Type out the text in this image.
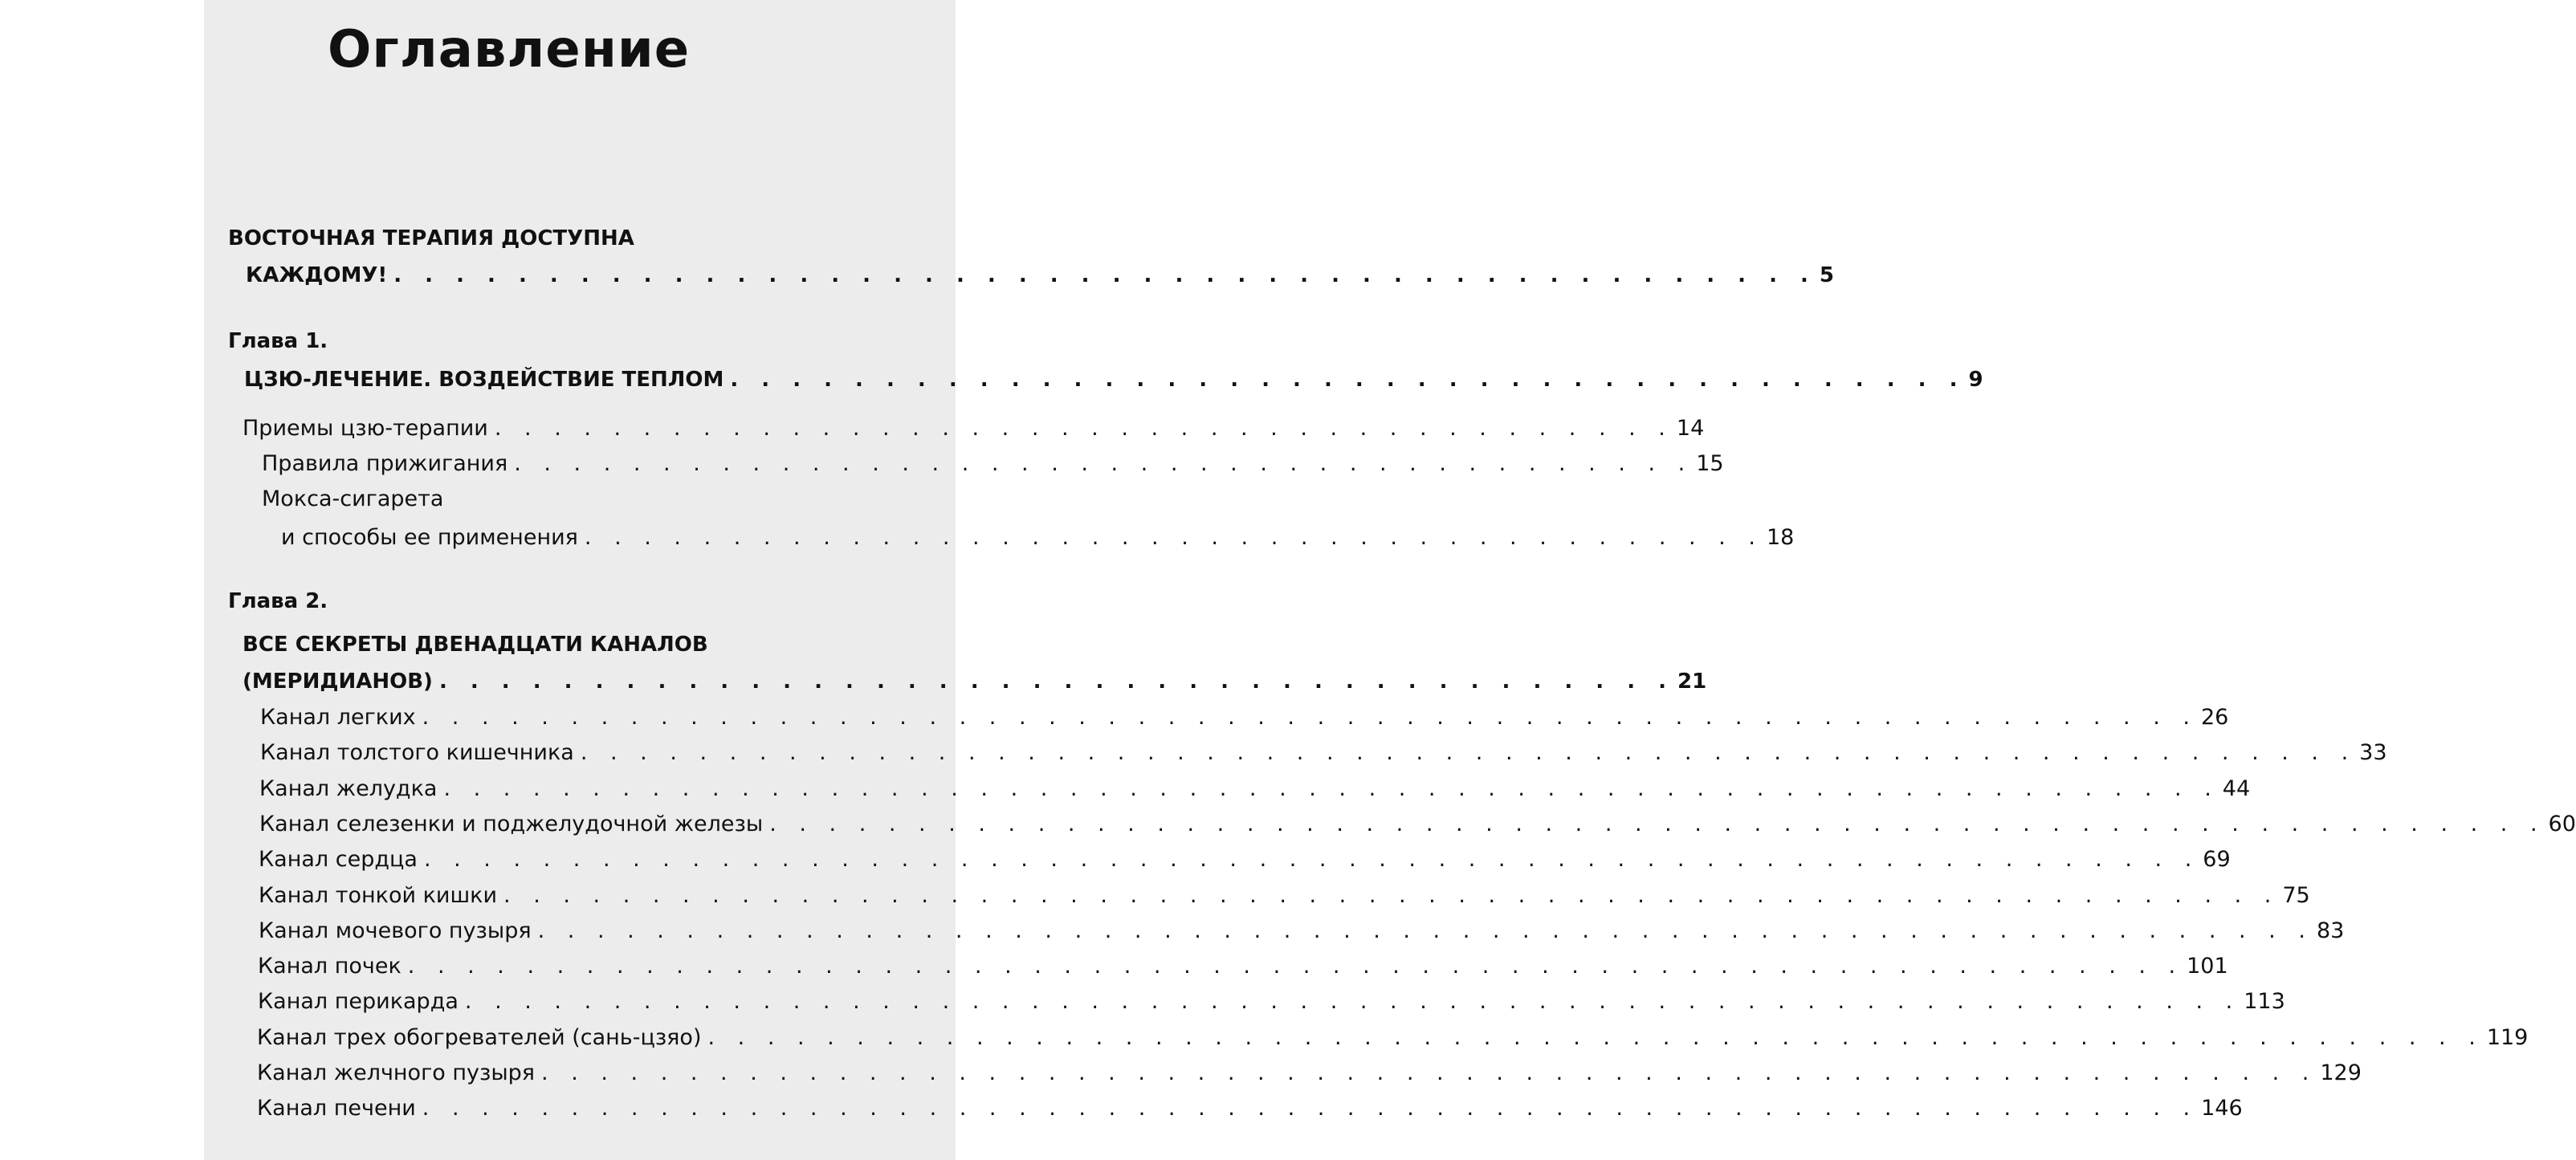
Оглавление
ВОСТОЧНАЯ ТЕРАПИЯ ДОСТУПНА
КАЖДОМУ! . . . . . . . . . . . . . . . . . . . . . . . . . . . . . . . . . . . . . . . . . . . . . . 5
Глава 1.
ЦЗЮ-ЛЕЧЕНИЕ. ВОЗДЕЙСТВИЕ ТЕПЛОМ . . . . . . . . . . . . . . . . . . . . . . . . . . . . . . . . . . . . . . . . 9
Приемы цзю-терапии . . . . . . . . . . . . . . . . . . . . . . . . . . . . . . . . . . . . . . . . 14
Правила прижигания . . . . . . . . . . . . . . . . . . . . . . . . . . . . . . . . . . . . . . . . 15
Мокса-сигарета
и способы ее применения . . . . . . . . . . . . . . . . . . . . . . . . . . . . . . . . . . . . . . . . 18
Глава 2.
ВСЕ СЕКРЕТЫ ДВЕНАДЦАТИ КАНАЛОВ
(МЕРИДИАНОВ) . . . . . . . . . . . . . . . . . . . . . . . . . . . . . . . . . . . . . . . . 21
Канал легких . . . . . . . . . . . . . . . . . . . . . . . . . . . . . . . . . . . . . . . . . . . . . . . . . . . . . . . . . . . . 26
Канал толстого кишечника . . . . . . . . . . . . . . . . . . . . . . . . . . . . . . . . . . . . . . . . . . . . . . . . . . . . . . . . . . . . 33
Канал желудка . . . . . . . . . . . . . . . . . . . . . . . . . . . . . . . . . . . . . . . . . . . . . . . . . . . . . . . . . . . . 44
Канал селезенки и поджелудочной железы . . . . . . . . . . . . . . . . . . . . . . . . . . . . . . . . . . . . . . . . . . . . . . . . . . . . . . . . . . . . 60
Канал сердца . . . . . . . . . . . . . . . . . . . . . . . . . . . . . . . . . . . . . . . . . . . . . . . . . . . . . . . . . . . . 69
Канал тонкой кишки . . . . . . . . . . . . . . . . . . . . . . . . . . . . . . . . . . . . . . . . . . . . . . . . . . . . . . . . . . . . 75
Канал мочевого пузыря . . . . . . . . . . . . . . . . . . . . . . . . . . . . . . . . . . . . . . . . . . . . . . . . . . . . . . . . . . . . 83
Канал почек . . . . . . . . . . . . . . . . . . . . . . . . . . . . . . . . . . . . . . . . . . . . . . . . . . . . . . . . . . . . 101
Канал перикарда . . . . . . . . . . . . . . . . . . . . . . . . . . . . . . . . . . . . . . . . . . . . . . . . . . . . . . . . . . . . 113
Канал трех обогревателей (сань-цзяо) . . . . . . . . . . . . . . . . . . . . . . . . . . . . . . . . . . . . . . . . . . . . . . . . . . . . . . . . . . . . 119
Канал желчного пузыря . . . . . . . . . . . . . . . . . . . . . . . . . . . . . . . . . . . . . . . . . . . . . . . . . . . . . . . . . . . . 129
Канал печени . . . . . . . . . . . . . . . . . . . . . . . . . . . . . . . . . . . . . . . . . . . . . . . . . . . . . . . . . . . . 146
